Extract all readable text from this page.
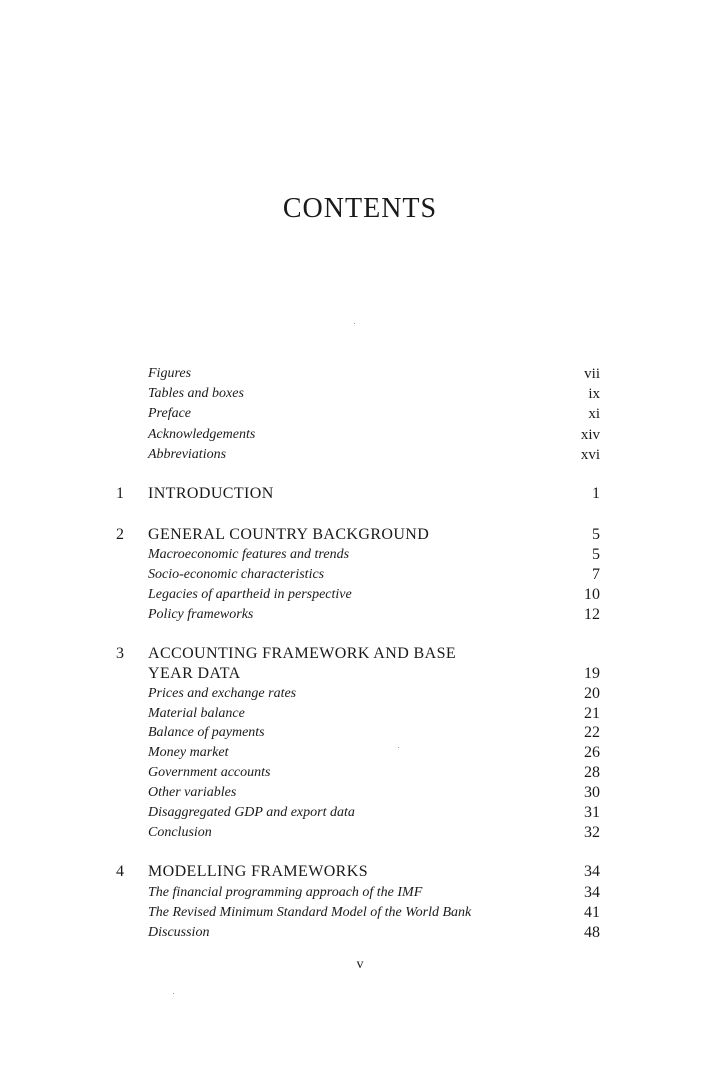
CONTENTS
Figures	vii
Tables and boxes	ix
Preface	xi
Acknowledgements	xiv
Abbreviations	xvi
1	INTRODUCTION	1
2	GENERAL COUNTRY BACKGROUND	5
Macroeconomic features and trends	5
Socio-economic characteristics	7
Legacies of apartheid in perspective	10
Policy frameworks	12
3	ACCOUNTING FRAMEWORK AND BASE
YEAR DATA	19
Prices and exchange rates	20
Material balance	21
Balance of payments	22
Money market	26
Government accounts	28
Other variables	30
Disaggregated GDP and export data	31
Conclusion	32
4	MODELLING FRAMEWORKS	34
The financial programming approach of the IMF	34
The Revised Minimum Standard Model of the World Bank	41
Discussion	48
v
